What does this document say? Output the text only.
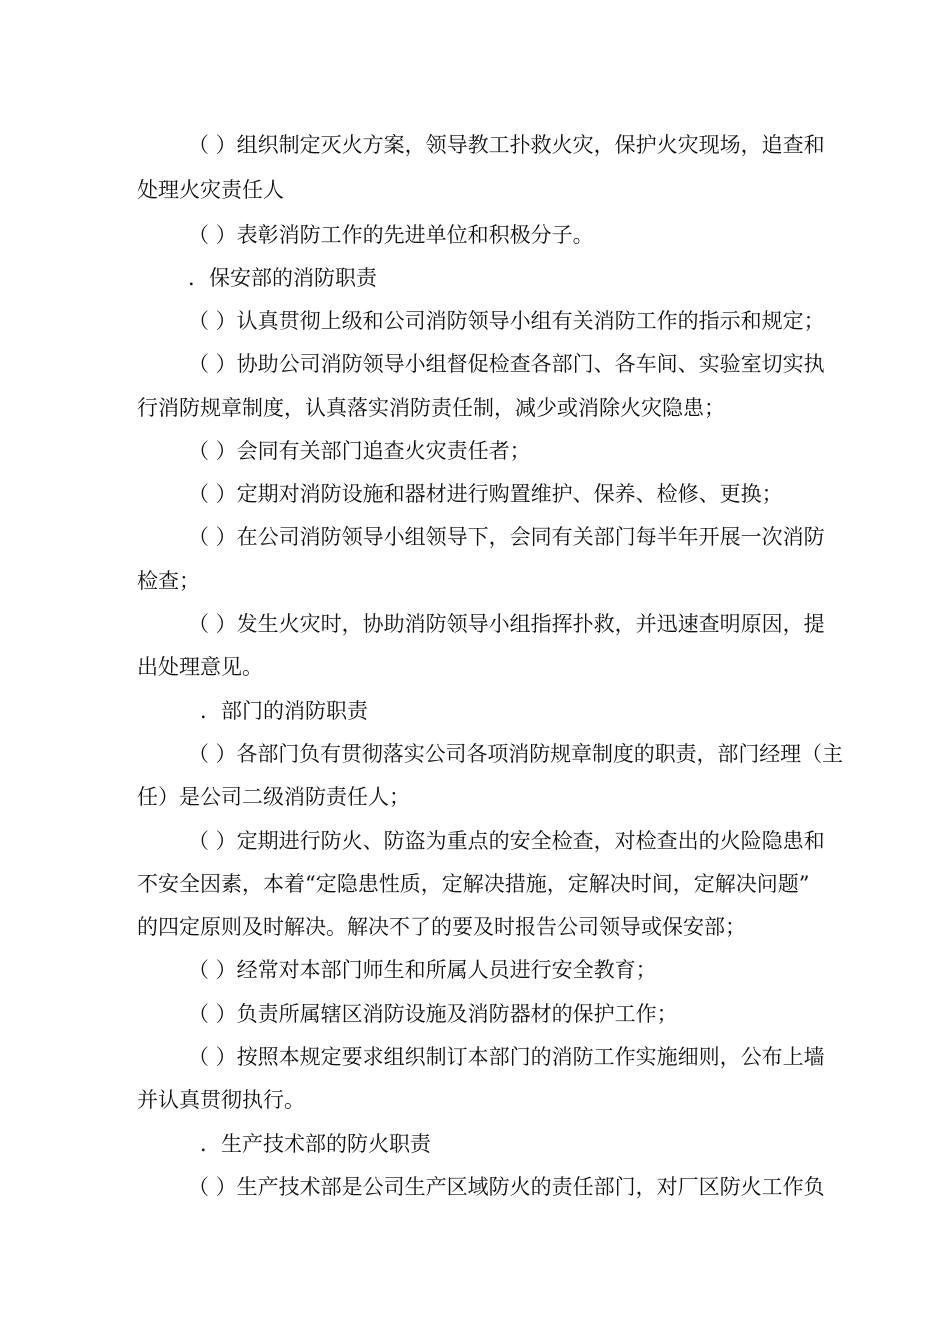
（ ）组织制定灭火方案，领导教工扑救火灾，保护火灾现场，追查和
处理火灾责任人
（ ）表彰消防工作的先进单位和积极分子。
．保安部的消防职责
（ ）认真贯彻上级和公司消防领导小组有关消防工作的指示和规定；
（ ）协助公司消防领导小组督促检查各部门、各车间、实验室切实执
行消防规章制度，认真落实消防责任制，减少或消除火灾隐患；
（ ）会同有关部门追查火灾责任者；
（ ）定期对消防设施和器材进行购置维护、保养、检修、更换；
（ ）在公司消防领导小组领导下，会同有关部门每半年开展一次消防
检查；
（ ）发生火灾时，协助消防领导小组指挥扑救，并迅速查明原因，提
出处理意见。
．部门的消防职责
（ ）各部门负有贯彻落实公司各项消防规章制度的职责，部门经理（主
任）是公司二级消防责任人；
（ ）定期进行防火、防盗为重点的安全检查，对检查出的火险隐患和
不安全因素，本着“定隐患性质，定解决措施，定解决时间，定解决问题”
的四定原则及时解决。解决不了的要及时报告公司领导或保安部；
（ ）经常对本部门师生和所属人员进行安全教育；
（ ）负责所属辖区消防设施及消防器材的保护工作；
（ ）按照本规定要求组织制订本部门的消防工作实施细则，公布上墙
并认真贯彻执行。
．生产技术部的防火职责
（ ）生产技术部是公司生产区域防火的责任部门，对厂区防火工作负
